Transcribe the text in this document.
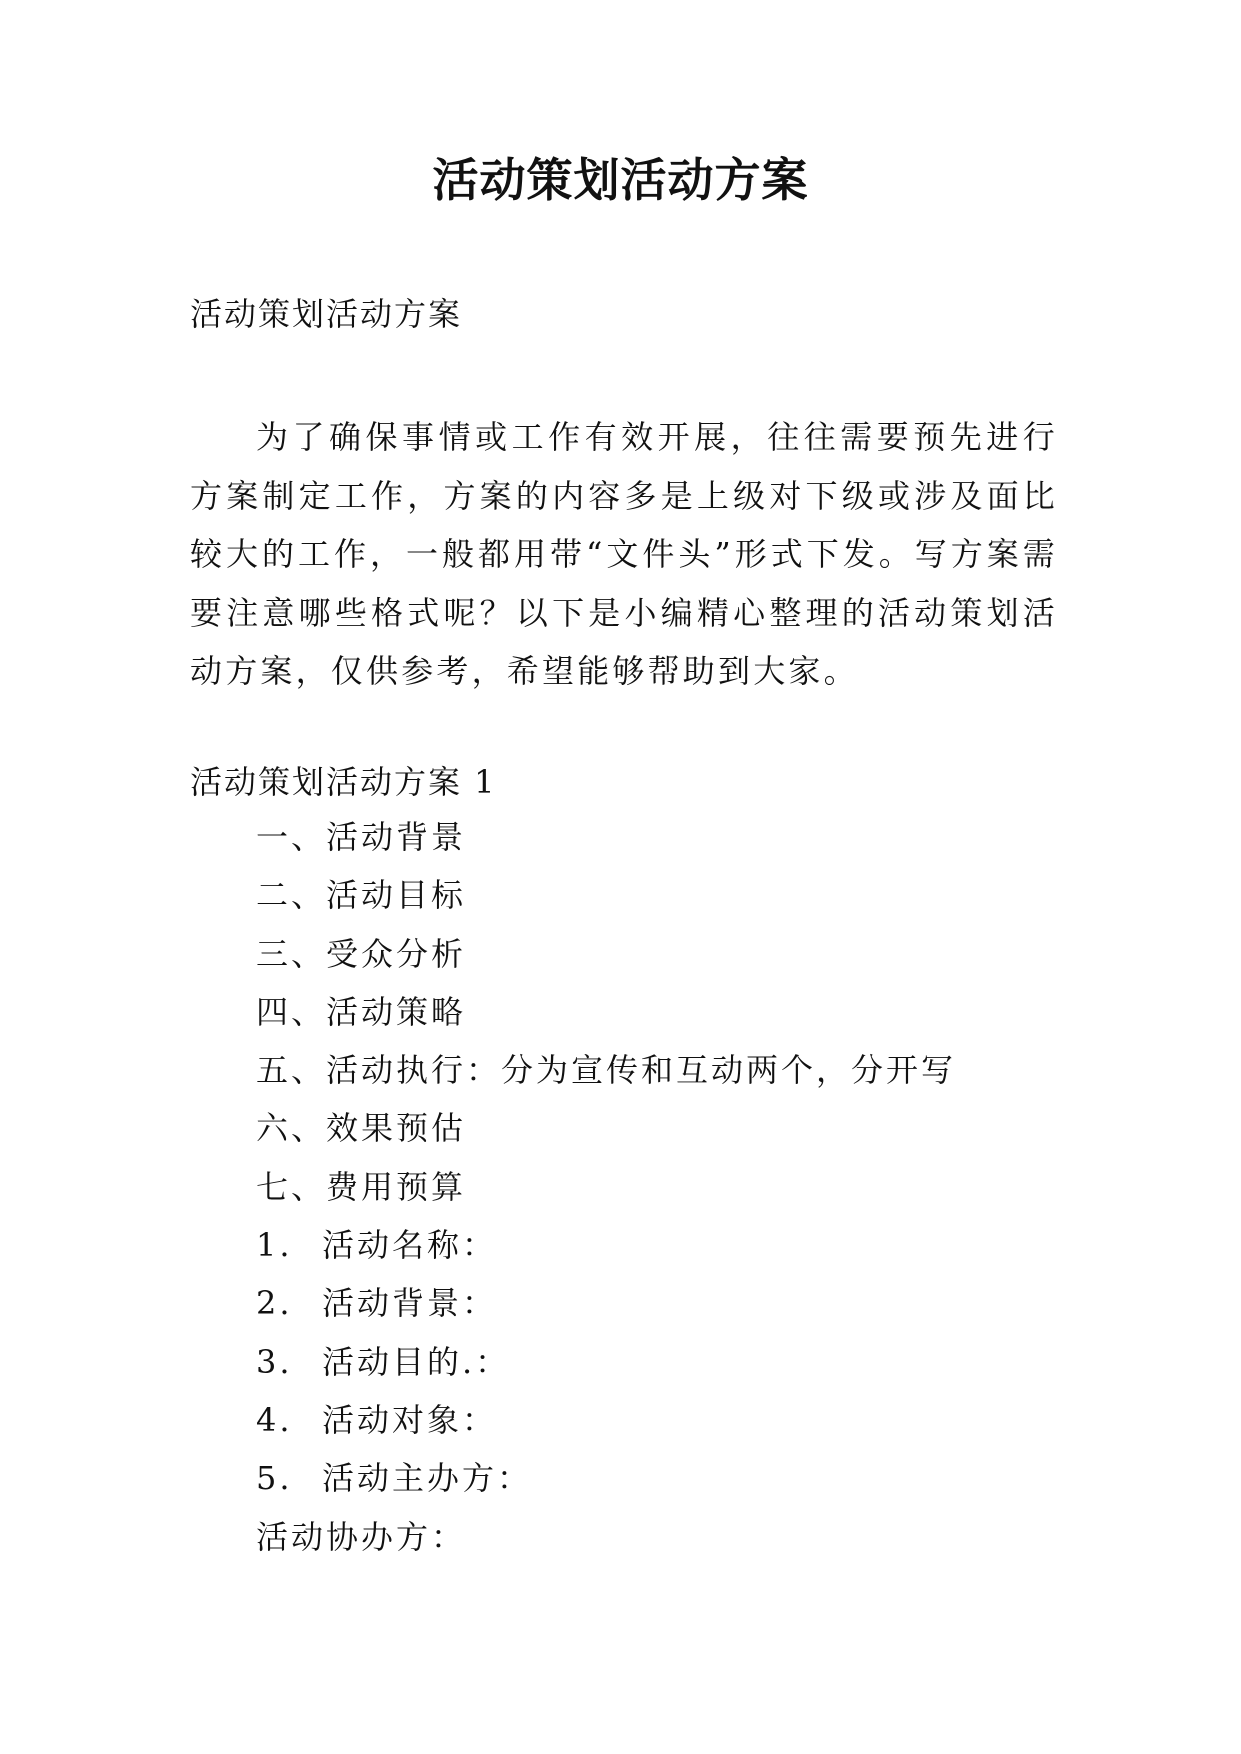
活动策划活动方案
活动策划活动方案

为了确保事情或工作有效开展，往往需要预先进行方案制定工作，方案的内容多是上级对下级或涉及面比较大的工作，一般都用带“文件头”形式下发。写方案需要注意哪些格式呢？以下是小编精心整理的活动策划活动方案，仅供参考，希望能够帮助到大家。

活动策划活动方案 1
一、活动背景
二、活动目标
三、受众分析
四、活动策略
五、活动执行：分为宣传和互动两个，分开写
六、效果预估
七、费用预算
1. 活动名称：
2. 活动背景：
3. 活动目的.：
4. 活动对象：
5. 活动主办方：
活动协办方：
